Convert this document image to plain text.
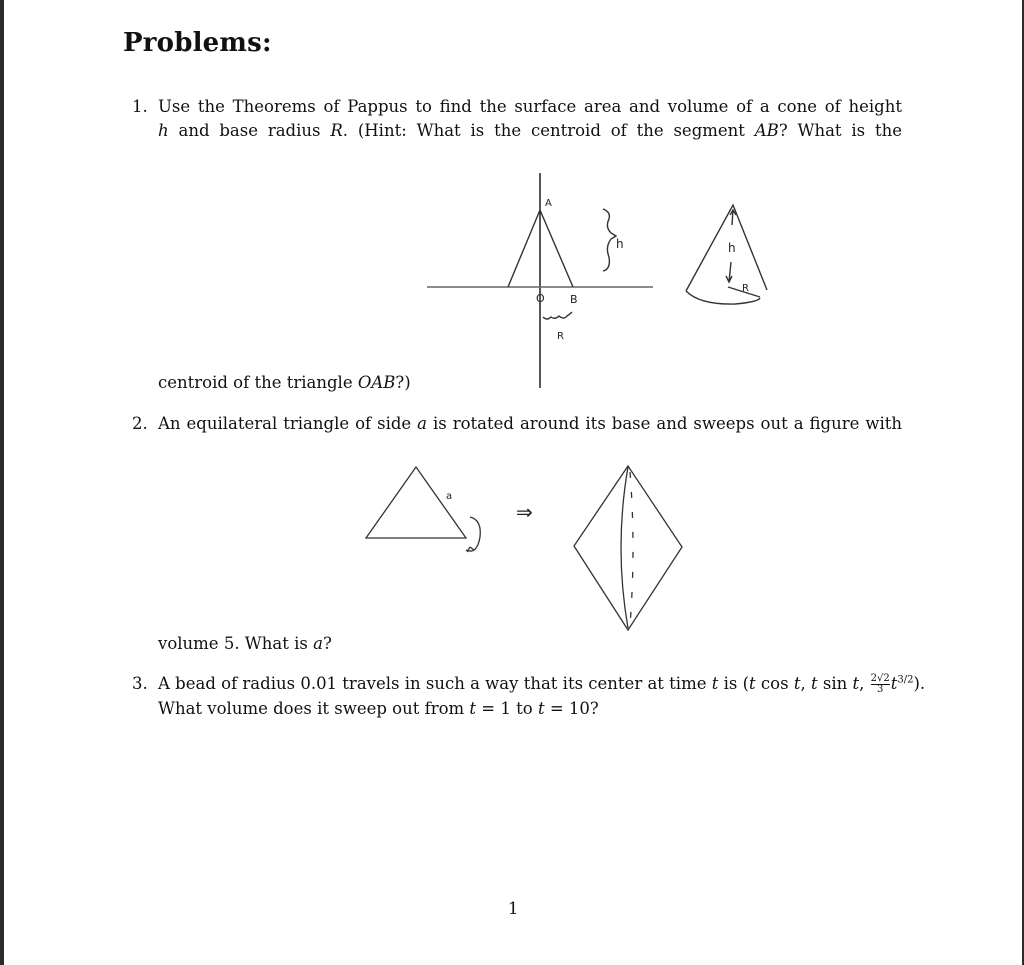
Problems:
1. Use the Theorems of Pappus to find the surface area and volume of a cone of height
h and base radius R. (Hint: What is the centroid of the segment AB? What is the
A
O B
R
h	h
R
a
⇒
centroid of the triangle OAB?)
2. An equilateral triangle of side a is rotated around its base and sweeps out a figure with
volume 5. What is a?
3. A bead of radius 0.01 travels in such a way that its center at time t is (t cos t, t sin t, $\frac{2√2}{3} t^{3/2}$).
What volume does it sweep out from t = 1 to t = 10?
1
